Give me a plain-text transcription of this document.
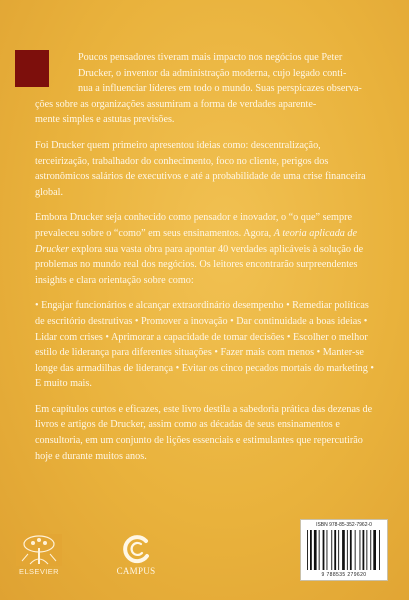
Poucos pensadores tiveram mais impacto nos negócios que Peter
Drucker, o inventor da administração moderna, cujo legado conti-
nua a influenciar líderes em todo o mundo. Suas perspicazes observa-
ções sobre as organizações assumiram a forma de verdades aparente-
mente simples e astutas previsões.

Foi Drucker quem primeiro apresentou ideias como: descentralização, terceirização, trabalhador do conhecimento, foco no cliente, perigos dos astronômicos salários de executivos e até a probabilidade de uma crise financeira global.

Embora Drucker seja conhecido como pensador e inovador, o “o que” sempre prevaleceu sobre o “como” em seus ensinamentos. Agora, A teoria aplicada de Drucker explora sua vasta obra para apontar 40 verdades aplicáveis à solução de problemas no mundo real dos negócios. Os leitores encontrarão surpreendentes insights e clara orientação sobre como:

• Engajar funcionários e alcançar extraordinário desempenho • Remediar políticas de escritório destrutivas • Promover a inovação • Dar continuidade a boas ideias • Lidar com crises • Aprimorar a capacidade de tomar decisões • Escolher o melhor estilo de liderança para diferentes situações • Fazer mais com menos • Manter-se longe das armadilhas de liderança • Evitar os cinco pecados mortais do marketing • E muito mais.

Em capítulos curtos e eficazes, este livro destila a sabedoria prática das dezenas de livros e artigos de Drucker, assim como as décadas de seus ensinamentos e consultoria, em um conjunto de lições essenciais e estimulantes que repercutirão hoje e durante muitos anos.

ELSEVIER	CAMPUS
ISBN 978-85-352-7962-0
9 788535 279620
